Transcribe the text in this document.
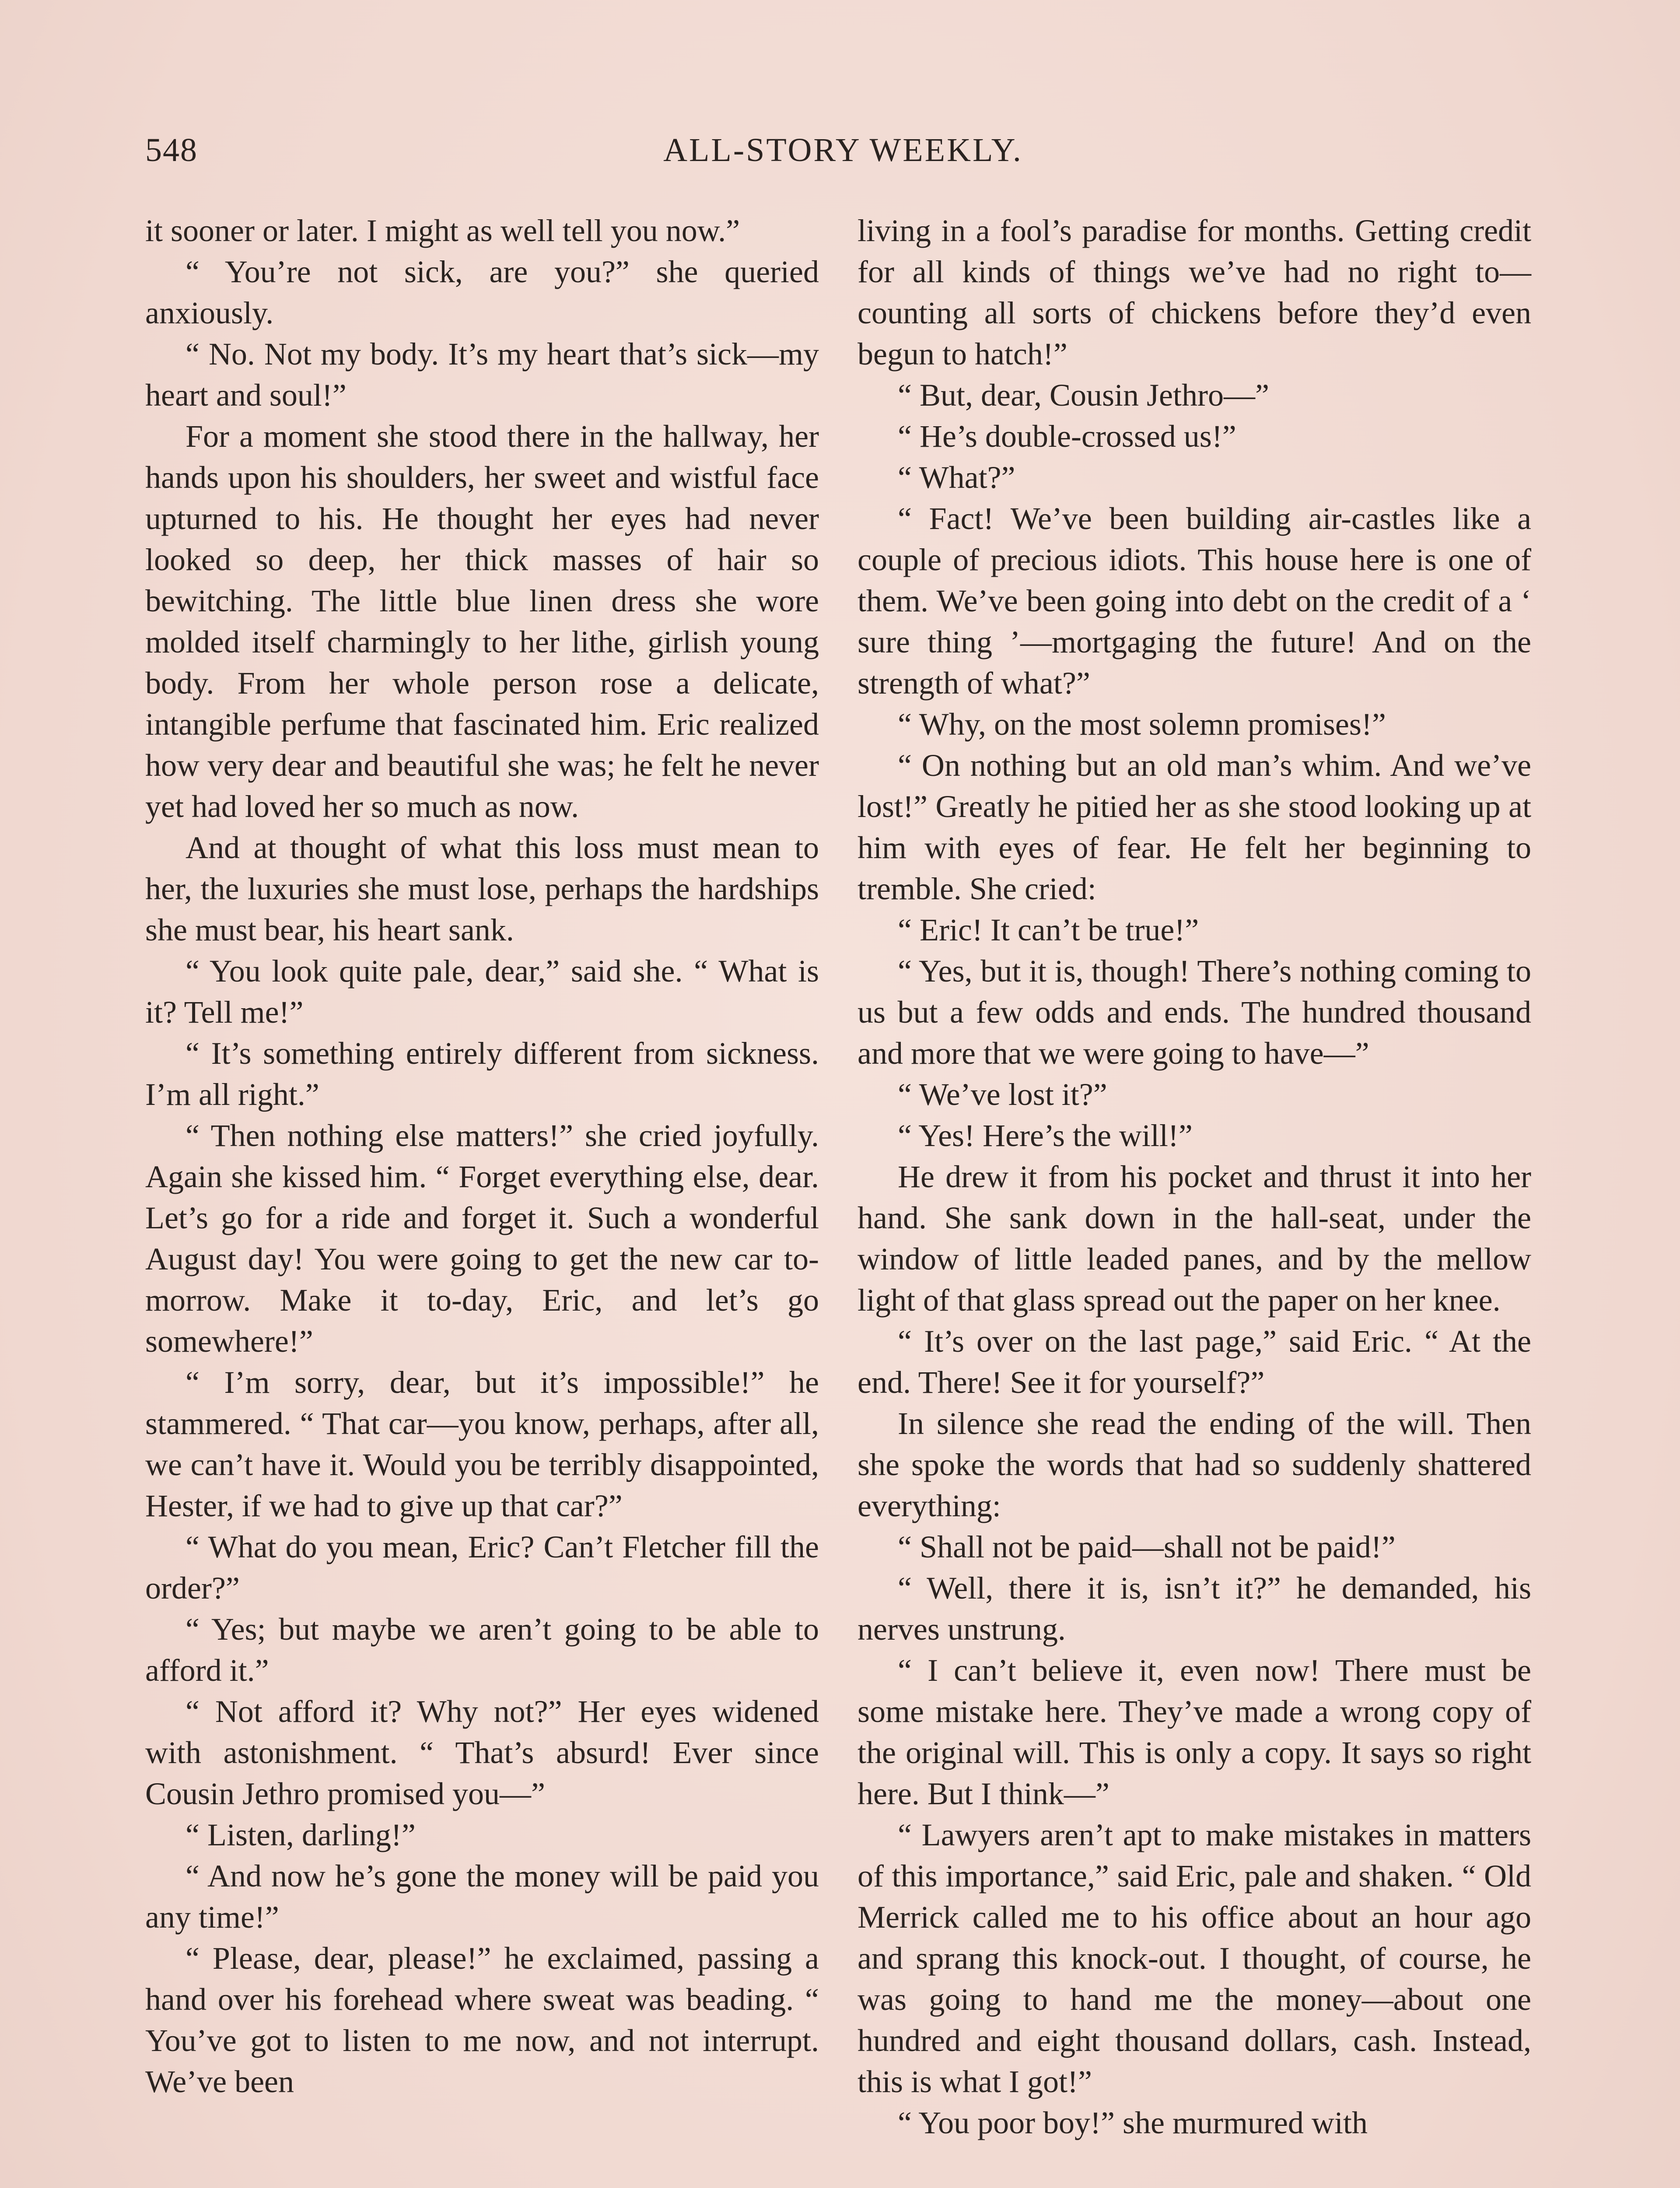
548	ALL-STORY WEEKLY.

it sooner or later. I might as well tell you now.”

“ You’re not sick, are you?” she queried anxiously.

“ No. Not my body. It’s my heart that’s sick—my heart and soul!”

For a moment she stood there in the hallway, her hands upon his shoulders, her sweet and wistful face upturned to his. He thought her eyes had never looked so deep, her thick masses of hair so bewitching. The little blue linen dress she wore molded itself charmingly to her lithe, girlish young body. From her whole person rose a delicate, intangible perfume that fascinated him. Eric realized how very dear and beautiful she was; he felt he never yet had loved her so much as now.

And at thought of what this loss must mean to her, the luxuries she must lose, perhaps the hardships she must bear, his heart sank.

“ You look quite pale, dear,” said she. “ What is it? Tell me!”

“ It’s something entirely different from sickness. I’m all right.”

“ Then nothing else matters!” she cried joyfully. Again she kissed him. “ Forget everything else, dear. Let’s go for a ride and forget it. Such a wonderful August day! You were going to get the new car to-morrow. Make it to-day, Eric, and let’s go somewhere!”

“ I’m sorry, dear, but it’s impossible!” he stammered. “ That car—you know, perhaps, after all, we can’t have it. Would you be terribly disappointed, Hester, if we had to give up that car?”

“ What do you mean, Eric? Can’t Fletcher fill the order?”

“ Yes; but maybe we aren’t going to be able to afford it.”

“ Not afford it? Why not?” Her eyes widened with astonishment. “ That’s absurd! Ever since Cousin Jethro promised you—”

“ Listen, darling!”

“ And now he’s gone the money will be paid you any time!”

“ Please, dear, please!” he exclaimed, passing a hand over his forehead where sweat was beading. “ You’ve got to listen to me now, and not interrupt. We’ve been

living in a fool’s paradise for months. Getting credit for all kinds of things we’ve had no right to—counting all sorts of chickens before they’d even begun to hatch!”

“ But, dear, Cousin Jethro—”

“ He’s double-crossed us!”

“ What?”

“ Fact! We’ve been building air-castles like a couple of precious idiots. This house here is one of them. We’ve been going into debt on the credit of a ‘ sure thing ’—mortgaging the future! And on the strength of what?”

“ Why, on the most solemn promises!”

“ On nothing but an old man’s whim. And we’ve lost!” Greatly he pitied her as she stood looking up at him with eyes of fear. He felt her beginning to tremble. She cried:

“ Eric! It can’t be true!”

“ Yes, but it is, though! There’s nothing coming to us but a few odds and ends. The hundred thousand and more that we were going to have—”

“ We’ve lost it?”

“ Yes! Here’s the will!”

He drew it from his pocket and thrust it into her hand. She sank down in the hall-seat, under the window of little leaded panes, and by the mellow light of that glass spread out the paper on her knee.

“ It’s over on the last page,” said Eric. “ At the end. There! See it for yourself?”

In silence she read the ending of the will. Then she spoke the words that had so suddenly shattered everything:

“ Shall not be paid—shall not be paid!”

“ Well, there it is, isn’t it?” he demanded, his nerves unstrung.

“ I can’t believe it, even now! There must be some mistake here. They’ve made a wrong copy of the original will. This is only a copy. It says so right here. But I think—”

“ Lawyers aren’t apt to make mistakes in matters of this importance,” said Eric, pale and shaken. “ Old Merrick called me to his office about an hour ago and sprang this knock-out. I thought, of course, he was going to hand me the money—about one hundred and eight thousand dollars, cash. Instead, this is what I got!”

“ You poor boy!” she murmured with
